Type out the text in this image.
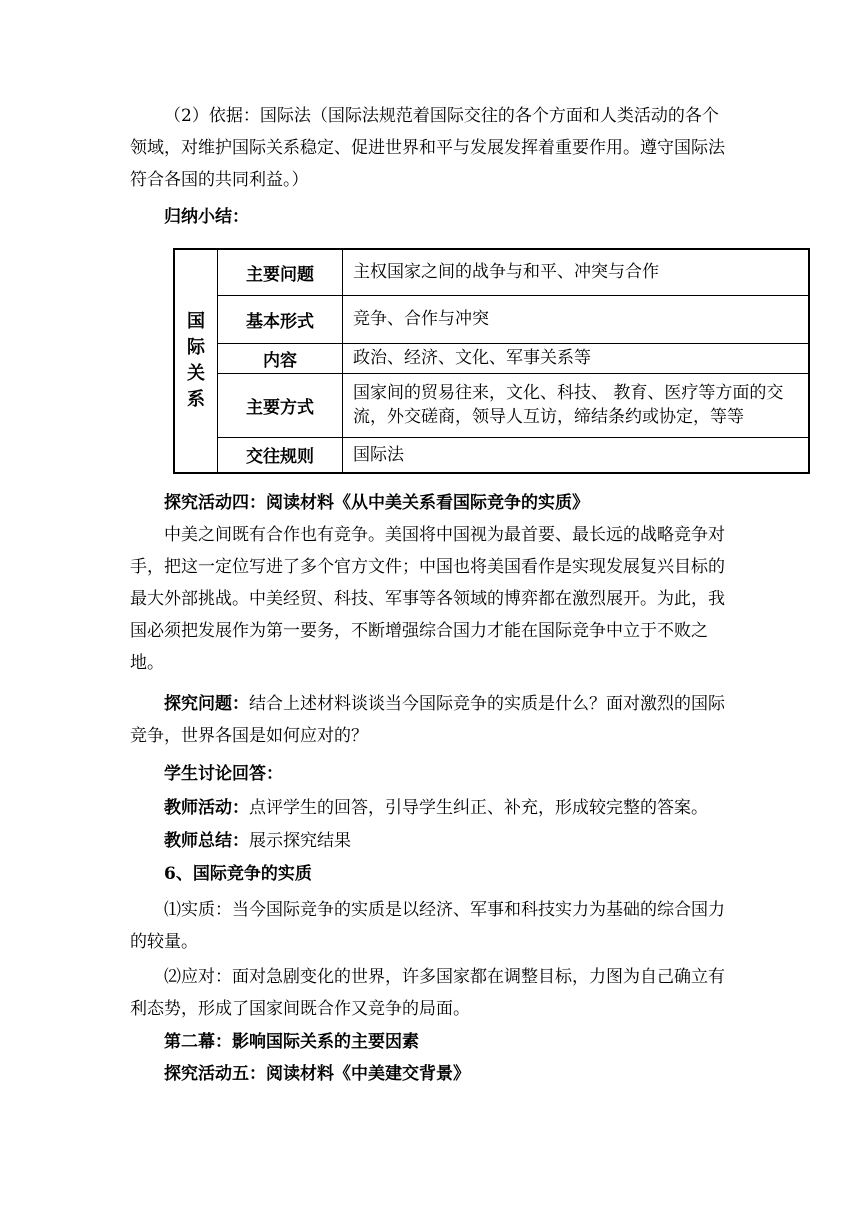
（2）依据：国际法（国际法规范着国际交往的各个方面和人类活动的各个领域，对维护国际关系稳定、促进世界和平与发展发挥着重要作用。遵守国际法符合各国的共同利益。）

归纳小结：

国际关系	主要问题	主权国家之间的战争与和平、冲突与合作
	基本形式	竞争、合作与冲突
	内容	政治、经济、文化、军事关系等
	主要方式	国家间的贸易往来，文化、科技、 教育、医疗等方面的交流，外交磋商，领导人互访，缔结条约或协定，等等
	交往规则	国际法

探究活动四：阅读材料《从中美关系看国际竞争的实质》

中美之间既有合作也有竞争。美国将中国视为最首要、最长远的战略竞争对手，把这一定位写进了多个官方文件；中国也将美国看作是实现发展复兴目标的最大外部挑战。中美经贸、科技、军事等各领域的博弈都在激烈展开。为此，我国必须把发展作为第一要务，不断增强综合国力才能在国际竞争中立于不败之地。

探究问题：结合上述材料谈谈当今国际竞争的实质是什么？面对激烈的国际竞争，世界各国是如何应对的？

学生讨论回答：

教师活动：点评学生的回答，引导学生纠正、补充，形成较完整的答案。

教师总结：展示探究结果

6、国际竞争的实质

⑴实质：当今国际竞争的实质是以经济、军事和科技实力为基础的综合国力的较量。

⑵应对：面对急剧变化的世界，许多国家都在调整目标，力图为自己确立有利态势，形成了国家间既合作又竞争的局面。

第二幕：影响国际关系的主要因素

探究活动五：阅读材料《中美建交背景》
